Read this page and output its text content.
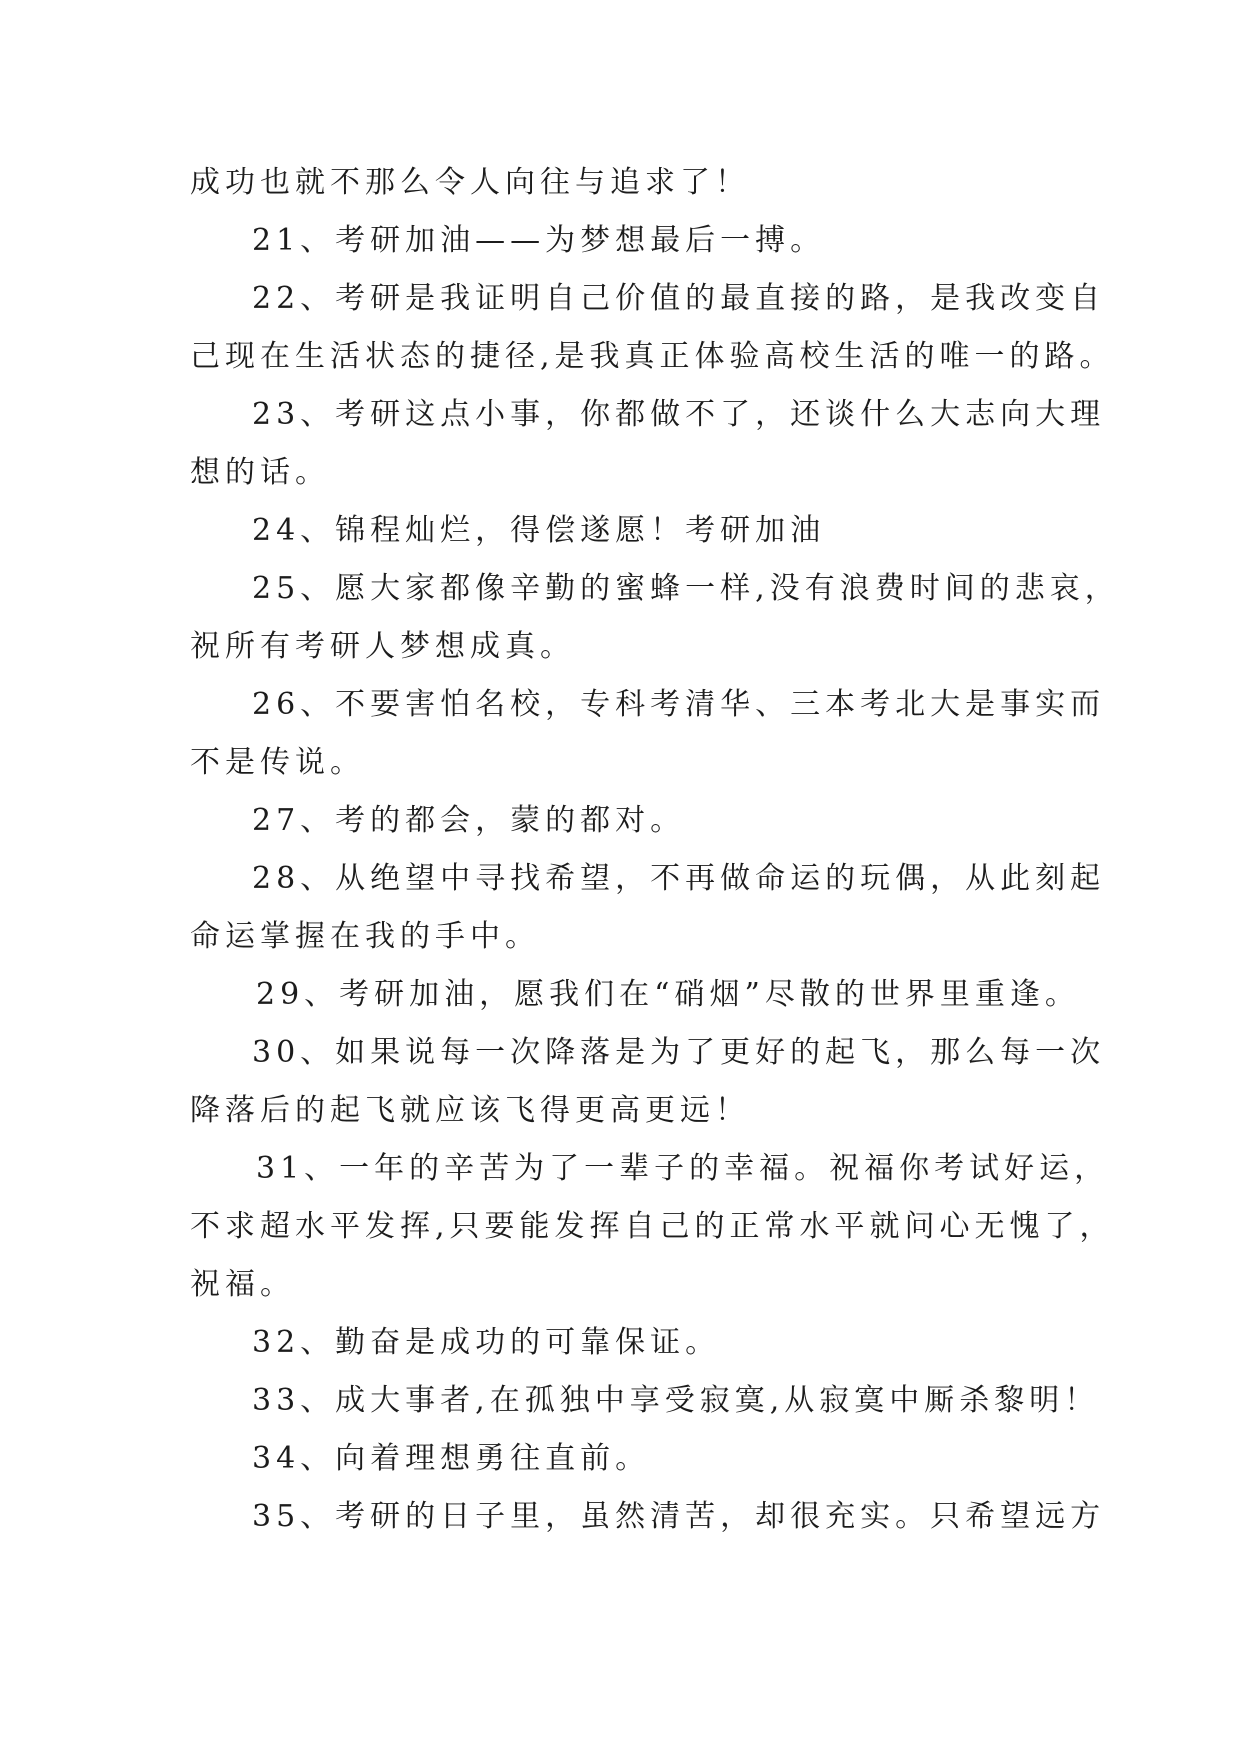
成功也就不那么令人向往与追求了！
21、考研加油——为梦想最后一搏。
22、考研是我证明自己价值的最直接的路，是我改变自
己现在生活状态的捷径,是我真正体验高校生活的唯一的路。
23、考研这点小事，你都做不了，还谈什么大志向大理
想的话。
24、锦程灿烂，得偿遂愿！考研加油
25、愿大家都像辛勤的蜜蜂一样,没有浪费时间的悲哀，
祝所有考研人梦想成真。
26、不要害怕名校，专科考清华、三本考北大是事实而
不是传说。
27、考的都会，蒙的都对。
28、从绝望中寻找希望，不再做命运的玩偶，从此刻起
命运掌握在我的手中。
29、考研加油，愿我们在“硝烟”尽散的世界里重逢。
30、如果说每一次降落是为了更好的起飞，那么每一次
降落后的起飞就应该飞得更高更远！
31、一年的辛苦为了一辈子的幸福。祝福你考试好运，
不求超水平发挥,只要能发挥自己的正常水平就问心无愧了，
祝福。
32、勤奋是成功的可靠保证。
33、成大事者,在孤独中享受寂寞,从寂寞中厮杀黎明！
34、向着理想勇往直前。
35、考研的日子里，虽然清苦，却很充实。只希望远方
